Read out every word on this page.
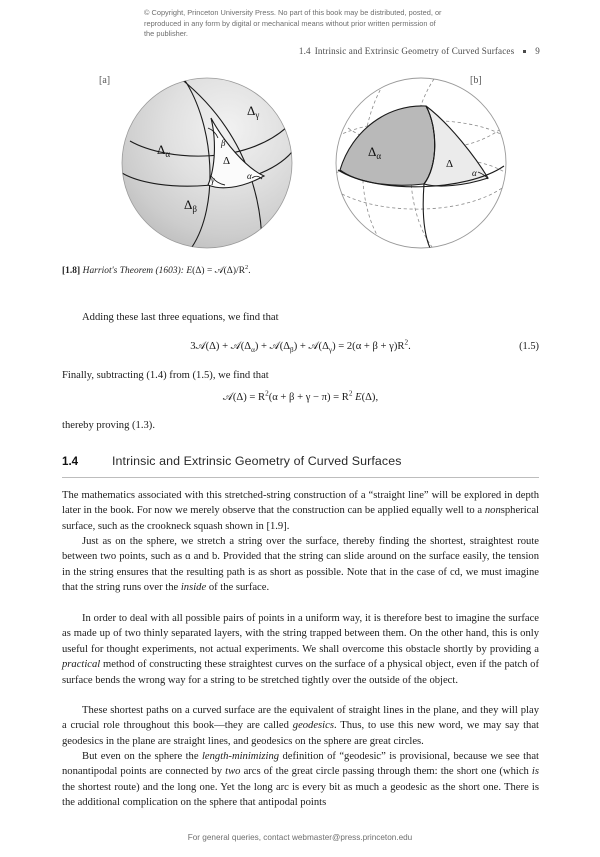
© Copyright, Princeton University Press. No part of this book may be distributed, posted, or reproduced in any form by digital or mechanical means without prior written permission of the publisher.
1.4 Intrinsic and Extrinsic Geometry of Curved Surfaces 9
[a]	[b]
$\Delta_\alpha$
$\Delta_\beta$
$\Delta_\gamma$
Δ
β
γ	α
$\Delta_\alpha$
Δ
α
[1.8] Harriot's Theorem (1603): $E(\Delta) = 𝒜(\Delta)/R^2$.

Adding these last three equations, we find that

3𝒜(Δ) + $𝒜(\Delta_\alpha)$ + $𝒜(\Delta_\beta)$ + $𝒜(\Delta_\gamma) = 2(\alpha + \beta + \gamma)R^2$.	(1.5)

Finally, subtracting (1.4) from (1.5), we find that

𝒜(Δ) = $R^2(\alpha + \beta + \gamma - \pi) = R^2$ E(Δ),

thereby proving (1.3).

1.4	Intrinsic and Extrinsic Geometry of Curved Surfaces

The mathematics associated with this stretched-string construction of a “straight line” will be explored in depth later in the book. For now we merely observe that the construction can be applied equally well to a nonspherical surface, such as the crookneck squash shown in [1.9].

Just as on the sphere, we stretch a string over the surface, thereby finding the shortest, straightest route between two points, such as ɑ and b. Provided that the string can slide around on the surface easily, the tension in the string ensures that the resulting path is as short as possible. Note that in the case of cd, we must imagine that the string runs over the inside of the surface.

In order to deal with all possible pairs of points in a uniform way, it is therefore best to imagine the surface as made up of two thinly separated layers, with the string trapped between them. On the other hand, this is only useful for thought experiments, not actual experiments. We shall overcome this obstacle shortly by providing a practical method of constructing these straightest curves on the surface of a physical object, even if the patch of surface bends the wrong way for a string to be stretched tightly over the outside of the object.

These shortest paths on a curved surface are the equivalent of straight lines in the plane, and they will play a crucial role throughout this book—they are called geodesics. Thus, to use this new word, we may say that geodesics in the plane are straight lines, and geodesics on the sphere are great circles.

But even on the sphere the length-minimizing definition of “geodesic” is provisional, because we see that nonantipodal points are connected by two arcs of the great circle passing through them: the short one (which is the shortest route) and the long one. Yet the long arc is every bit as much a geodesic as the short one. There is the additional complication on the sphere that antipodal points

For general queries, contact webmaster@press.princeton.edu
